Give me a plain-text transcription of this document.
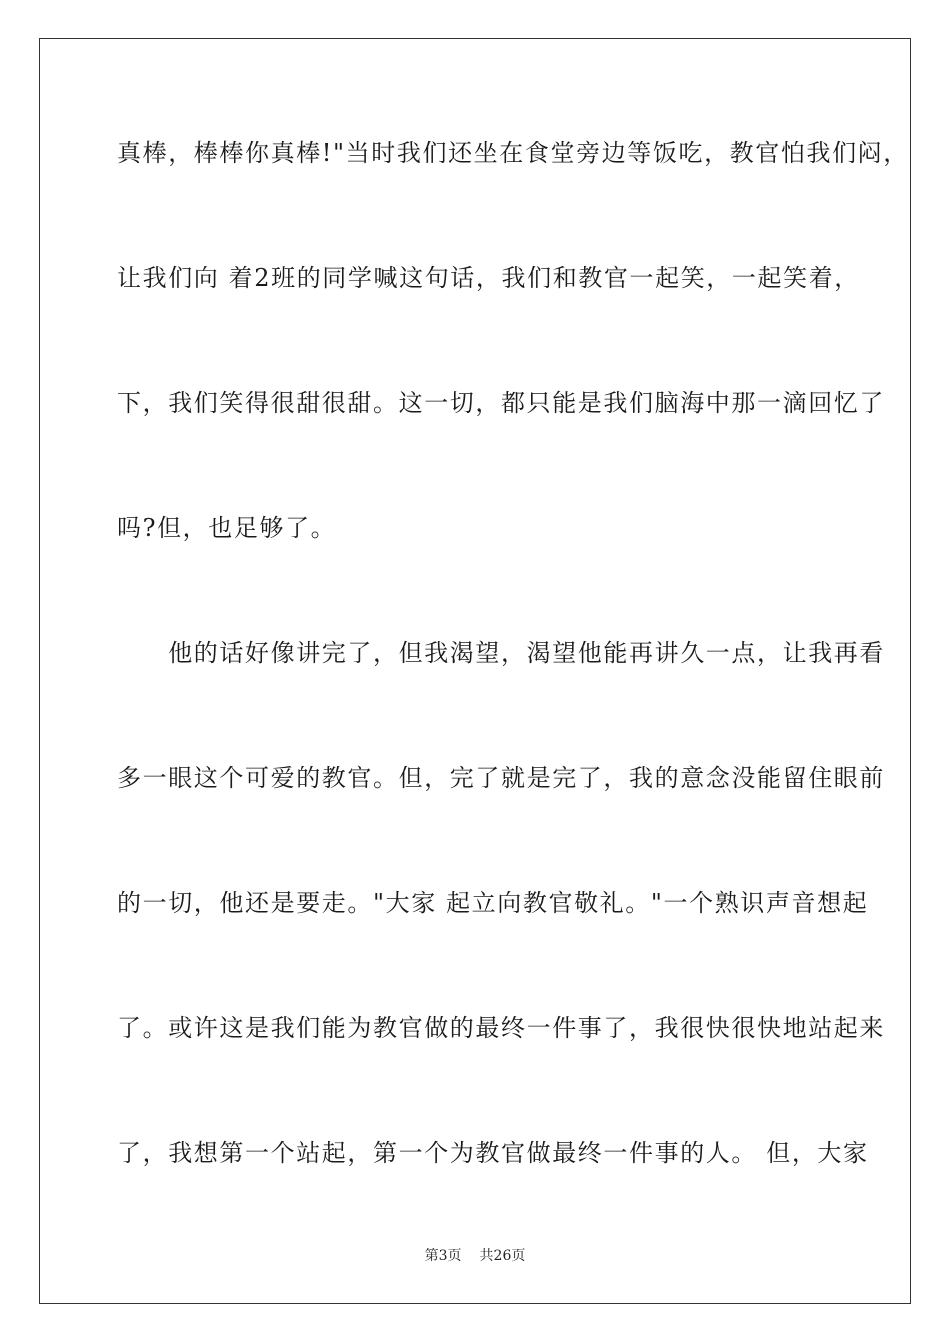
真棒，棒棒你真棒!"当时我们还坐在食堂旁边等饭吃，教官怕我们闷，
让我们向 着2班的同学喊这句话，我们和教官一起笑，一起笑着，
下，我们笑得很甜很甜。这一切，都只能是我们脑海中那一滴回忆了
吗?但，也足够了。
　　他的话好像讲完了，但我渴望，渴望他能再讲久一点，让我再看
多一眼这个可爱的教官。但，完了就是完了，我的意念没能留住眼前
的一切，他还是要走。"大家 起立向教官敬礼。"一个熟识声音想起
了。或许这是我们能为教官做的最终一件事了，我很快很快地站起来
了，我想第一个站起，第一个为教官做最终一件事的人。 但，大家
第3页 共26页
